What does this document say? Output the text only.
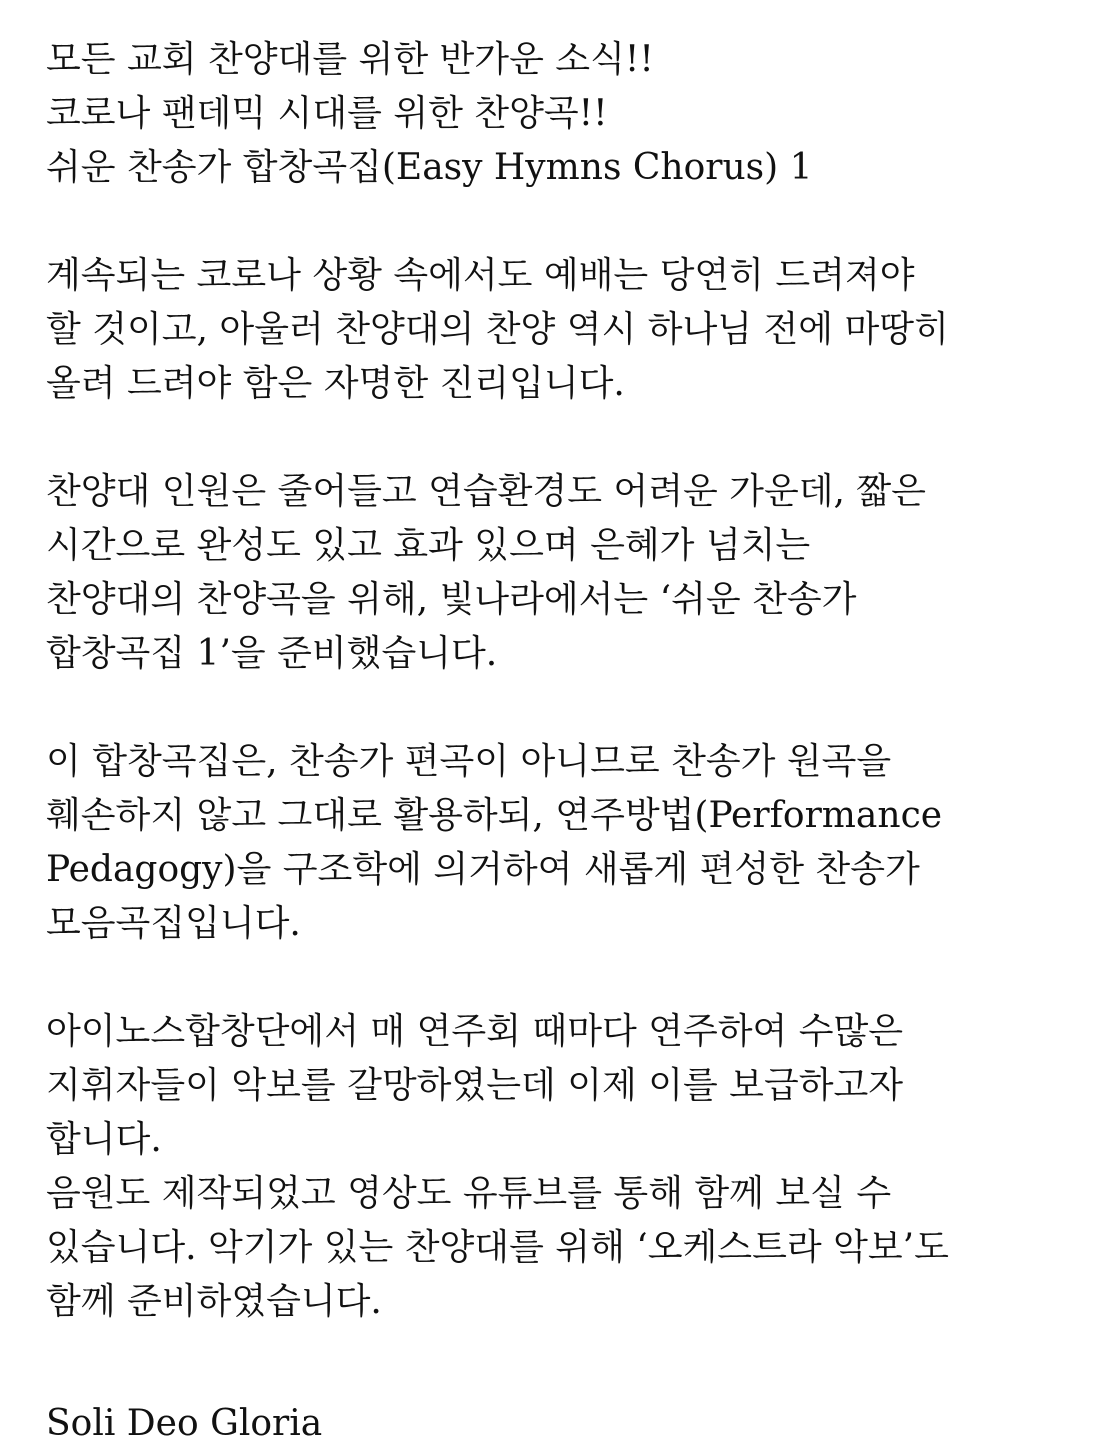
모든 교회 찬양대를 위한 반가운 소식!!
코로나 팬데믹 시대를 위한 찬양곡!!
쉬운 찬송가 합창곡집(Easy Hymns Chorus) 1
계속되는 코로나 상황 속에서도 예배는 당연히 드려져야
할 것이고, 아울러 찬양대의 찬양 역시 하나님 전에 마땅히
올려 드려야 함은 자명한 진리입니다.
찬양대 인원은 줄어들고 연습환경도 어려운 가운데, 짧은
시간으로 완성도 있고 효과 있으며 은혜가 넘치는
찬양대의 찬양곡을 위해, 빛나라에서는 ‘쉬운 찬송가
합창곡집 1’을 준비했습니다.
이 합창곡집은, 찬송가 편곡이 아니므로 찬송가 원곡을
훼손하지 않고 그대로 활용하되, 연주방법(Performance
Pedagogy)을 구조학에 의거하여 새롭게 편성한 찬송가
모음곡집입니다.
아이노스합창단에서 매 연주회 때마다 연주하여 수많은
지휘자들이 악보를 갈망하였는데 이제 이를 보급하고자
합니다.
음원도 제작되었고 영상도 유튜브를 통해 함께 보실 수
있습니다. 악기가 있는 찬양대를 위해 ‘오케스트라 악보’도
함께 준비하였습니다.
Soli Deo Gloria
